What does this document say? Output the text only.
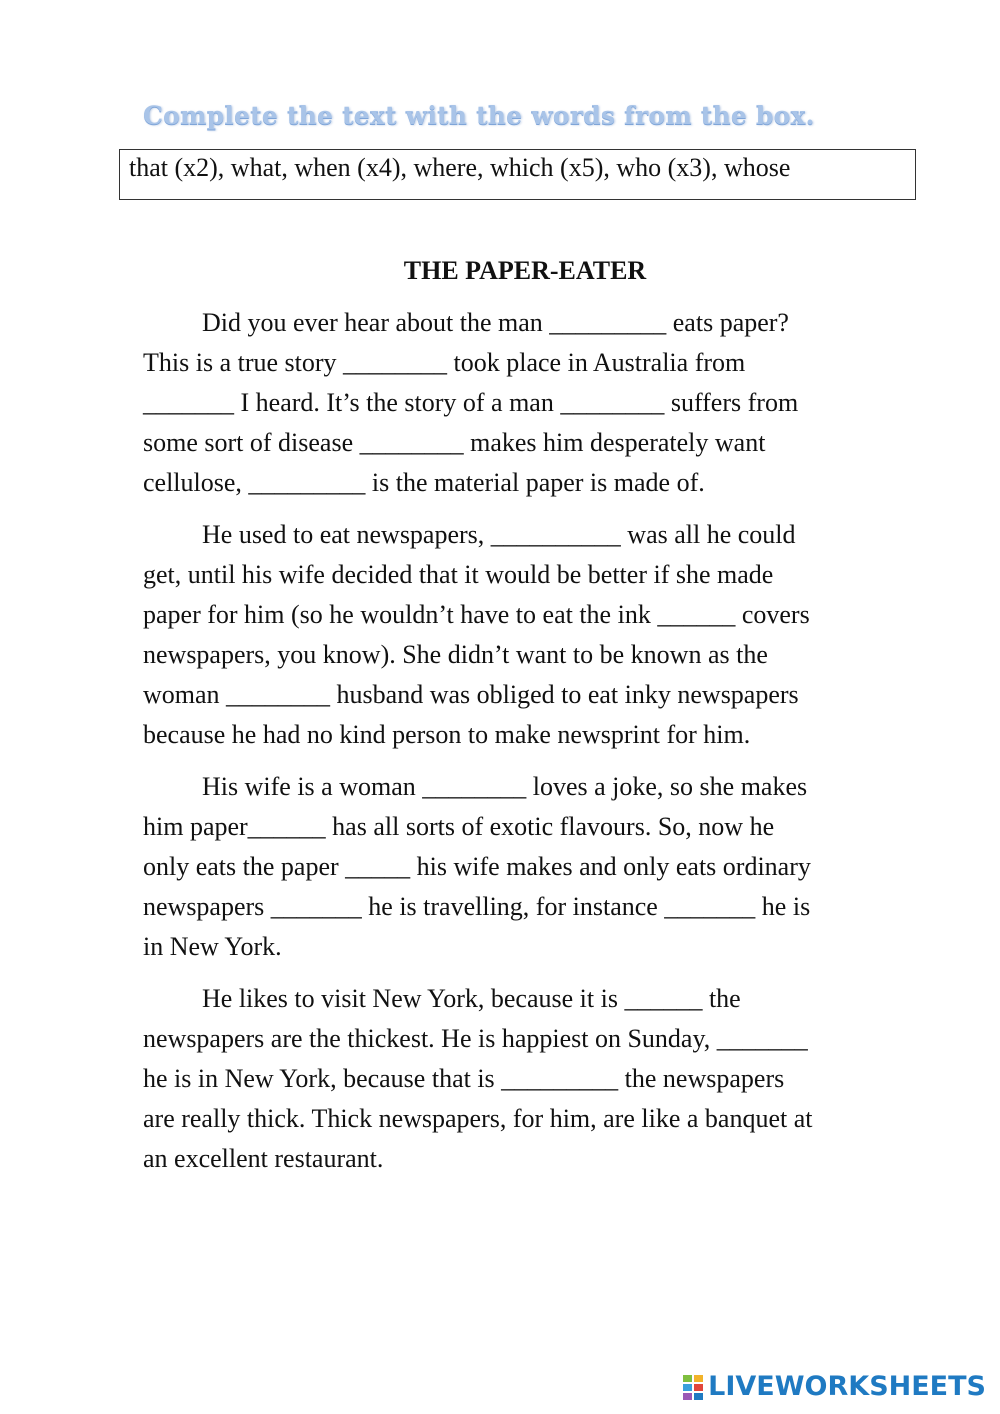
Complete the text with the words from the box.
that (x2), what, when (x4), where, which (x5), who (x3), whose
THE PAPER-EATER

Did you ever hear about the man _________ eats paper?
This is a true story ________ took place in Australia from
_______ I heard. It’s the story of a man ________ suffers from
some sort of disease ________ makes him desperately want
cellulose, _________ is the material paper is made of.

He used to eat newspapers, __________ was all he could
get, until his wife decided that it would be better if she made
paper for him (so he wouldn’t have to eat the ink ______ covers
newspapers, you know). She didn’t want to be known as the
woman ________ husband was obliged to eat inky newspapers
because he had no kind person to make newsprint for him.

His wife is a woman ________ loves a joke, so she makes
him paper______ has all sorts of exotic flavours. So, now he
only eats the paper _____ his wife makes and only eats ordinary
newspapers _______ he is travelling, for instance _______ he is
in New York.

He likes to visit New York, because it is ______ the
newspapers are the thickest. He is happiest on Sunday, _______
he is in New York, because that is _________ the newspapers
are really thick. Thick newspapers, for him, are like a banquet at
an excellent restaurant.

LIVEWORKSHEETS
